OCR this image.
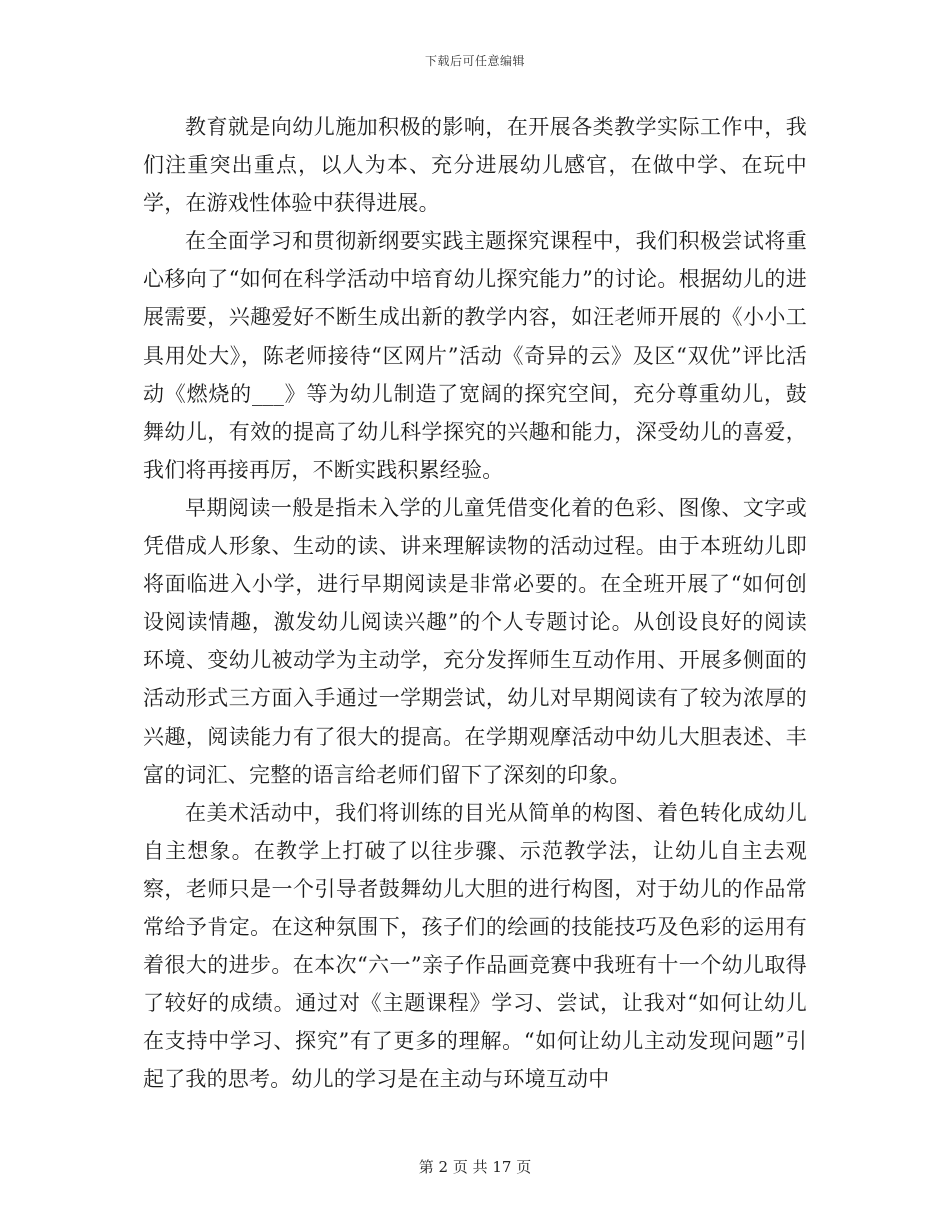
下载后可任意编辑

教育就是向幼儿施加积极的影响，在开展各类教学实际工作中，我们注重突出重点，以人为本、充分进展幼儿感官，在做中学、在玩中学，在游戏性体验中获得进展。

在全面学习和贯彻新纲要实践主题探究课程中，我们积极尝试将重心移向了“如何在科学活动中培育幼儿探究能力”的讨论。根据幼儿的进展需要，兴趣爱好不断生成出新的教学内容，如汪老师开展的《小小工具用处大》，陈老师接待“区网片”活动《奇异的云》及区“双优”评比活动《燃烧的___》等为幼儿制造了宽阔的探究空间，充分尊重幼儿，鼓舞幼儿，有效的提高了幼儿科学探究的兴趣和能力，深受幼儿的喜爱，我们将再接再厉，不断实践积累经验。

早期阅读一般是指未入学的儿童凭借变化着的色彩、图像、文字或凭借成人形象、生动的读、讲来理解读物的活动过程。由于本班幼儿即将面临进入小学，进行早期阅读是非常必要的。在全班开展了“如何创设阅读情趣，激发幼儿阅读兴趣”的个人专题讨论。从创设良好的阅读环境、变幼儿被动学为主动学，充分发挥师生互动作用、开展多侧面的活动形式三方面入手通过一学期尝试，幼儿对早期阅读有了较为浓厚的兴趣，阅读能力有了很大的提高。在学期观摩活动中幼儿大胆表述、丰富的词汇、完整的语言给老师们留下了深刻的印象。

在美术活动中，我们将训练的目光从简单的构图、着色转化成幼儿自主想象。在教学上打破了以往步骤、示范教学法，让幼儿自主去观察，老师只是一个引导者鼓舞幼儿大胆的进行构图，对于幼儿的作品常常给予肯定。在这种氛围下，孩子们的绘画的技能技巧及色彩的运用有着很大的进步。在本次“六一”亲子作品画竞赛中我班有十一个幼儿取得了较好的成绩。通过对《主题课程》学习、尝试，让我对“如何让幼儿在支持中学习、探究”有了更多的理解。“如何让幼儿主动发现问题”引起了我的思考。幼儿的学习是在主动与环境互动中

第 2 页 共 17 页
